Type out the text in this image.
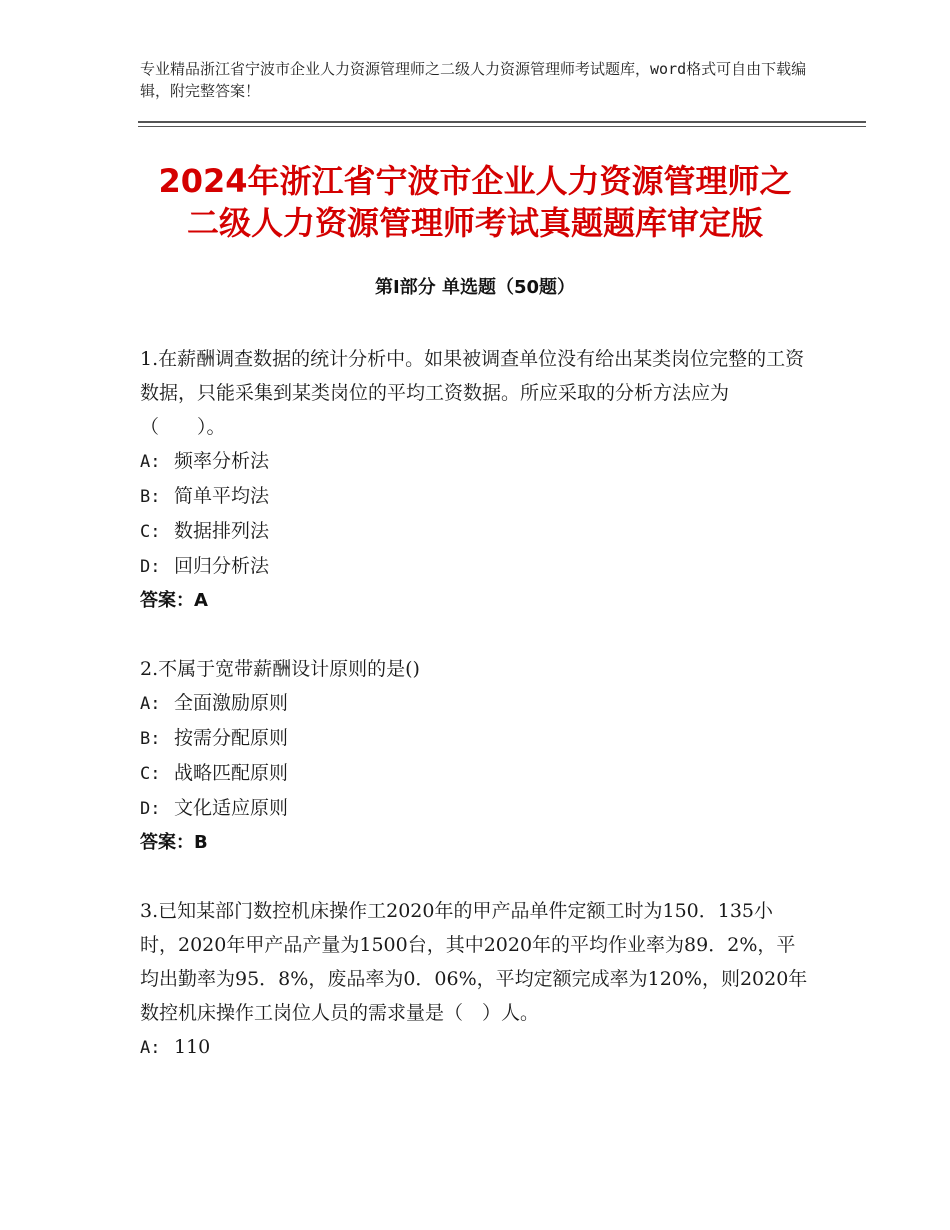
专业精品浙江省宁波市企业人力资源管理师之二级人力资源管理师考试题库，word格式可自由下载编辑，附完整答案！
2024年浙江省宁波市企业人力资源管理师之
二级人力资源管理师考试真题题库审定版
第Ⅰ部分 单选题（50题）

1.在薪酬调查数据的统计分析中。如果被调查单位没有给出某类岗位完整的工资数据，只能采集到某类岗位的平均工资数据。所应采取的分析方法应为（　　）。

A: 频率分析法

B: 简单平均法

C: 数据排列法

D: 回归分析法

答案：A

2.不属于宽带薪酬设计原则的是()

A: 全面激励原则

B: 按需分配原则

C: 战略匹配原则

D: 文化适应原则

答案：B

3.已知某部门数控机床操作工2020年的甲产品单件定额工时为150．135小时，2020年甲产品产量为1500台，其中2020年的平均作业率为89．2%，平均出勤率为95．8%，废品率为0．06%，平均定额完成率为120%，则2020年数控机床操作工岗位人员的需求量是（　）人。

A: 110
